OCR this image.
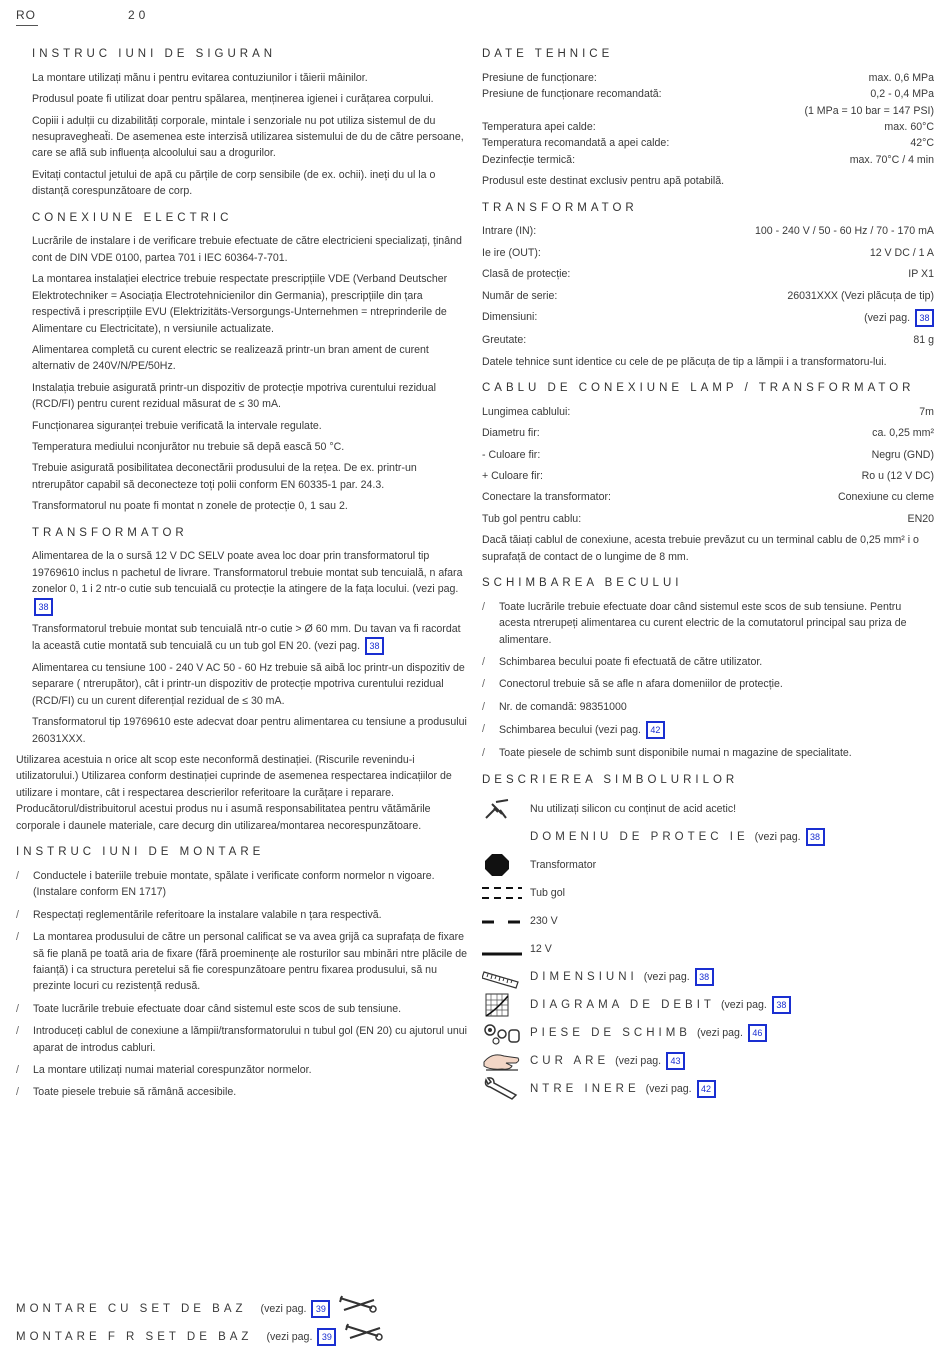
RO	20
INSTRUC IUNI DE SIGURAN

La montare utilizați mănu i pentru evitarea contuziunilor i tăierii mâinilor.

Produsul poate fi utilizat doar pentru spălarea, menținerea igienei i curățarea corpului.

Copiii i adulții cu dizabilități corporale, mintale i senzoriale nu pot utiliza sistemul de du nesupravegheat̆i. De asemenea este interzisă utilizarea sistemului de du de către persoane, care se află sub influența alcoolului sau a drogurilor.

Evitați contactul jetului de apă cu părțile de corp sensibile (de ex. ochii). ineți du ul la o distanță corespunzătoare de corp.

CONEXIUNE ELECTRIC

Lucrările de instalare i de verificare trebuie efectuate de către electricieni specializați, ținând cont de DIN VDE 0100, partea 701 i IEC 60364-7-701.

La montarea instalației electrice trebuie respectate prescripțiile VDE (Verband Deutscher Elektrotechniker = Asociația Electrotehnicienilor din Germania), prescripțiile din țara respectivă i prescripțiile EVU (Elektrizitäts-Versorgungs-Unternehmen = ntreprinderile de Alimentare cu Electricitate), n versiunile actualizate.

Alimentarea completă cu curent electric se realizează printr-un bran ament de curent alternativ de 240V/N/PE/50Hz.

Instalația trebuie asigurată printr-un dispozitiv de protecție mpotriva curentului rezidual (RCD/FI) pentru curent rezidual măsurat de ≤ 30 mA.

Funcționarea siguranței trebuie verificată la intervale regulate.

Temperatura mediului nconjurător nu trebuie să depă ească 50 °C.

Trebuie asigurată posibilitatea deconectării produsului de la rețea. De ex. printr-un ntrerupător capabil să deconecteze toți polii conform EN 60335-1 par. 24.3.

Transformatorul nu poate fi montat n zonele de protecție 0, 1 sau 2.

TRANSFORMATOR

Alimentarea de la o sursă 12 V DC SELV poate avea loc doar prin transformatorul tip 19769610 inclus n pachetul de livrare. Transformatorul trebuie montat sub tencuială, n afara zonelor 0, 1 i 2 ntr-o cutie sub tencuială cu protecție la atingere de la fața locului. (vezi pag. 38

Transformatorul trebuie montat sub tencuială ntr-o cutie > Ø 60 mm. Du tavan va fi racordat la această cutie montată sub tencuială cu un tub gol EN 20. (vezi pag. 38

Alimentarea cu tensiune 100 - 240 V AC 50 - 60 Hz trebuie să aibă loc printr-un dispozitiv de separare ( ntrerupător), cât i printr-un dispozitiv de protecție mpotriva curentului rezidual (RCD/FI) cu un curent diferențial rezidual de ≤ 30 mA.

Transformatorul tip 19769610 este adecvat doar pentru alimentarea cu tensiune a produsului 26031XXX.

Utilizarea acestuia n orice alt scop este neconformă destinației. (Riscurile revenindu-i utilizatorului.) Utilizarea conform destinației cuprinde de asemenea respectarea indicațiilor de utilizare i montare, cât i respectarea descrierilor referitoare la curățare i reparare. Producătorul/distribuitorul acestui produs nu i asumă responsabilitatea pentru vătămările corporale i daunele materiale, care decurg din utilizarea/montarea necorespunzătoare.

INSTRUC IUNI DE MONTARE
/ Conductele i bateriile trebuie montate, spălate i verificate conform normelor n vigoare. (Instalare conform EN 1717)
/ Respectați reglementările referitoare la instalare valabile n țara respectivă.
/ La montarea produsului de către un personal calificat se va avea grijă ca suprafața de fixare să fie plană pe toată aria de fixare (fără proeminențe ale rosturilor sau mbinări ntre plăcile de faianță) i ca structura peretelui să fie corespunzătoare pentru fixarea produsului, să nu prezinte locuri cu rezistență redusă.
/ Toate lucrările trebuie efectuate doar când sistemul este scos de sub tensiune.
/ Introduceți cablul de conexiune a lămpii/transformatorului n tubul gol (EN 20) cu ajutorul unui aparat de introdus cabluri.
/ La montare utilizați numai material corespunzător normelor.
/ Toate piesele trebuie să rămână accesibile.
DATE TEHNICE
Presiune de funcționare:	max. 0,6 MPa
Presiune de funcționare recomandată:	0,2 - 0,4 MPa
(1 MPa = 10 bar = 147 PSI)
Temperatura apei calde:	max. 60°C
Temperatura recomandată a apei calde:	42°C
Dezinfecție termică:	max. 70°C / 4 min

Produsul este destinat exclusiv pentru apă potabilă.

TRANSFORMATOR
Intrare (IN):	100 - 240 V / 50 - 60 Hz / 70 - 170 mA
Ie ire (OUT):	12 V DC / 1 A
Clasă de protecție:	IP X1
Număr de serie:	26031XXX (Vezi plăcuța de tip)
Dimensiuni:	(vezi pag. 38
Greutate:	81 g

Datele tehnice sunt identice cu cele de pe plăcuța de tip a lămpii i a transformatoru-lui.

CABLU DE CONEXIUNE LAMP / TRANSFORMATOR
Lungimea cablului:	7m
Diametru fir:	ca. 0,25 mm²
- Culoare fir:	Negru (GND)
+ Culoare fir:	Ro u (12 V DC)
Conectare la transformator:	Conexiune cu cleme
Tub gol pentru cablu:	EN20

Dacă tăiați cablul de conexiune, acesta trebuie prevăzut cu un terminal cablu de 0,25 mm² i o suprafață de contact de o lungime de 8 mm.

SCHIMBAREA BECULUI
/ Toate lucrările trebuie efectuate doar când sistemul este scos de sub tensiune. Pentru acesta ntrerupeți alimentarea cu curent electric de la comutatorul principal sau priza de alimentare.
/ Schimbarea becului poate fi efectuată de către utilizator.
/ Conectorul trebuie să se afle n afara domeniilor de protecție.
/ Nr. de comandă: 98351000
/ Schimbarea becului (vezi pag. 42
/ Toate piesele de schimb sunt disponibile numai n magazine de specialitate.
DESCRIEREA SIMBOLURILOR
Nu utilizați silicon cu conținut de acid acetic!
DOMENIU DE PROTEC IE (vezi pag. 38
Transformator
Tub gol
230 V
12 V
DIMENSIUNI (vezi pag. 38
DIAGRAMA DE DEBIT (vezi pag. 38
PIESE DE SCHIMB (vezi pag. 46
CUR ARE (vezi pag. 43
NTRE INERE (vezi pag. 42
MONTARE CU SET DE BAZ (vezi pag. 39
MONTARE F R SET DE BAZ (vezi pag. 39
